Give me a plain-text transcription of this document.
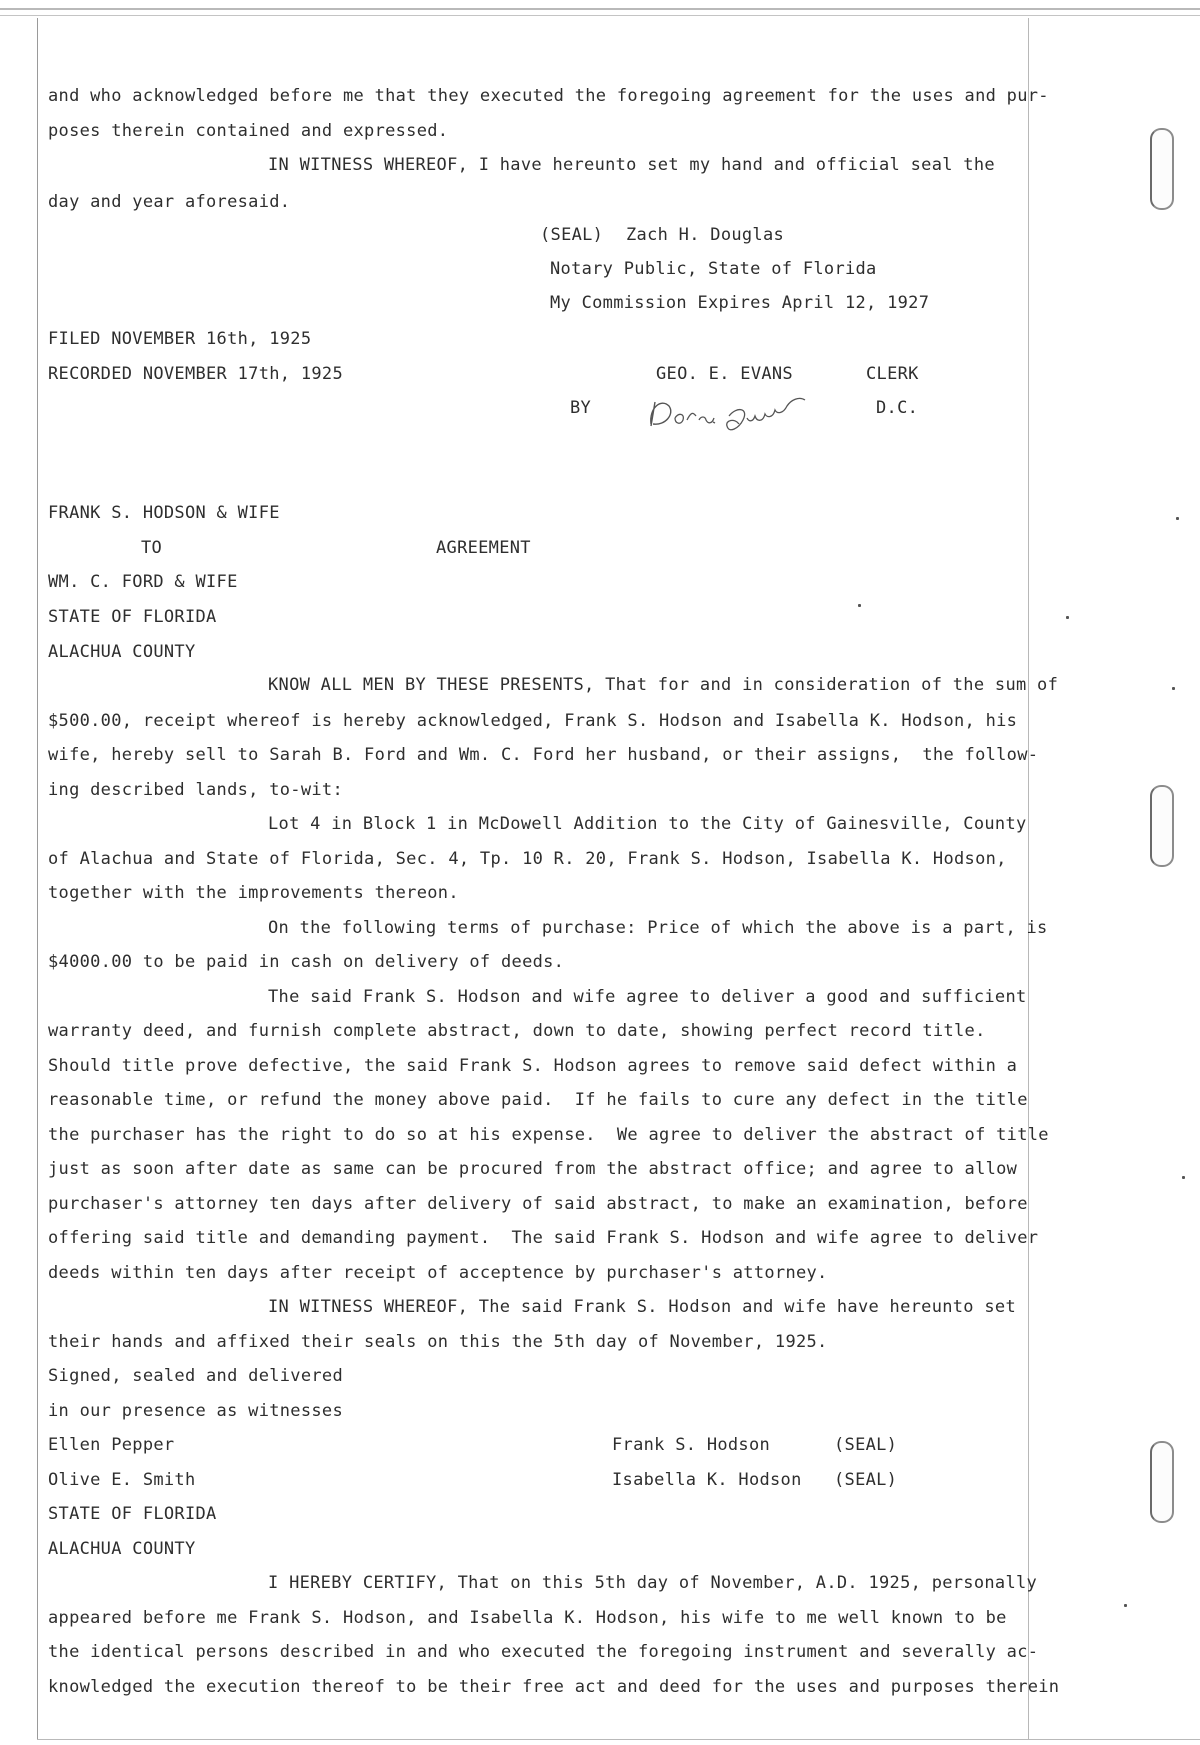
and who acknowledged before me that they executed the foregoing agreement for the uses and pur-
poses therein contained and expressed.
IN WITNESS WHEREOF, I have hereunto set my hand and official seal the
day and year aforesaid.
(SEAL) Zach H. Douglas
Notary Public, State of Florida
My Commission Expires April 12, 1927
FILED NOVEMBER 16th, 1925
RECORDED NOVEMBER 17th, 1925	GEO. E. EVANS	CLERK
BY	D.C.
FRANK S. HODSON & WIFE
TO	AGREEMENT
WM. C. FORD & WIFE
STATE OF FLORIDA
ALACHUA COUNTY
KNOW ALL MEN BY THESE PRESENTS, That for and in consideration of the sum of
$500.00, receipt whereof is hereby acknowledged, Frank S. Hodson and Isabella K. Hodson, his
wife, hereby sell to Sarah B. Ford and Wm. C. Ford her husband, or their assigns,  the follow-
ing described lands, to-wit:
Lot 4 in Block 1 in McDowell Addition to the City of Gainesville, County
of Alachua and State of Florida, Sec. 4, Tp. 10 R. 20, Frank S. Hodson, Isabella K. Hodson,
together with the improvements thereon.
On the following terms of purchase: Price of which the above is a part, is
$4000.00 to be paid in cash on delivery of deeds.
The said Frank S. Hodson and wife agree to deliver a good and sufficient
warranty deed, and furnish complete abstract, down to date, showing perfect record title.
Should title prove defective, the said Frank S. Hodson agrees to remove said defect within a
reasonable time, or refund the money above paid.  If he fails to cure any defect in the title
the purchaser has the right to do so at his expense.  We agree to deliver the abstract of title
just as soon after date as same can be procured from the abstract office; and agree to allow
purchaser's attorney ten days after delivery of said abstract, to make an examination, before
offering said title and demanding payment.  The said Frank S. Hodson and wife agree to deliver
deeds within ten days after receipt of acceptence by purchaser's attorney.
IN WITNESS WHEREOF, The said Frank S. Hodson and wife have hereunto set
their hands and affixed their seals on this the 5th day of November, 1925.
Signed, sealed and delivered
in our presence as witnesses
Ellen Pepper	Frank S. Hodson	(SEAL)
Olive E. Smith	Isabella K. Hodson (SEAL)
STATE OF FLORIDA
ALACHUA COUNTY
I HEREBY CERTIFY, That on this 5th day of November, A.D. 1925, personally
appeared before me Frank S. Hodson, and Isabella K. Hodson, his wife to me well known to be
the identical persons described in and who executed the foregoing instrument and severally ac-
knowledged the execution thereof to be their free act and deed for the uses and purposes therein
